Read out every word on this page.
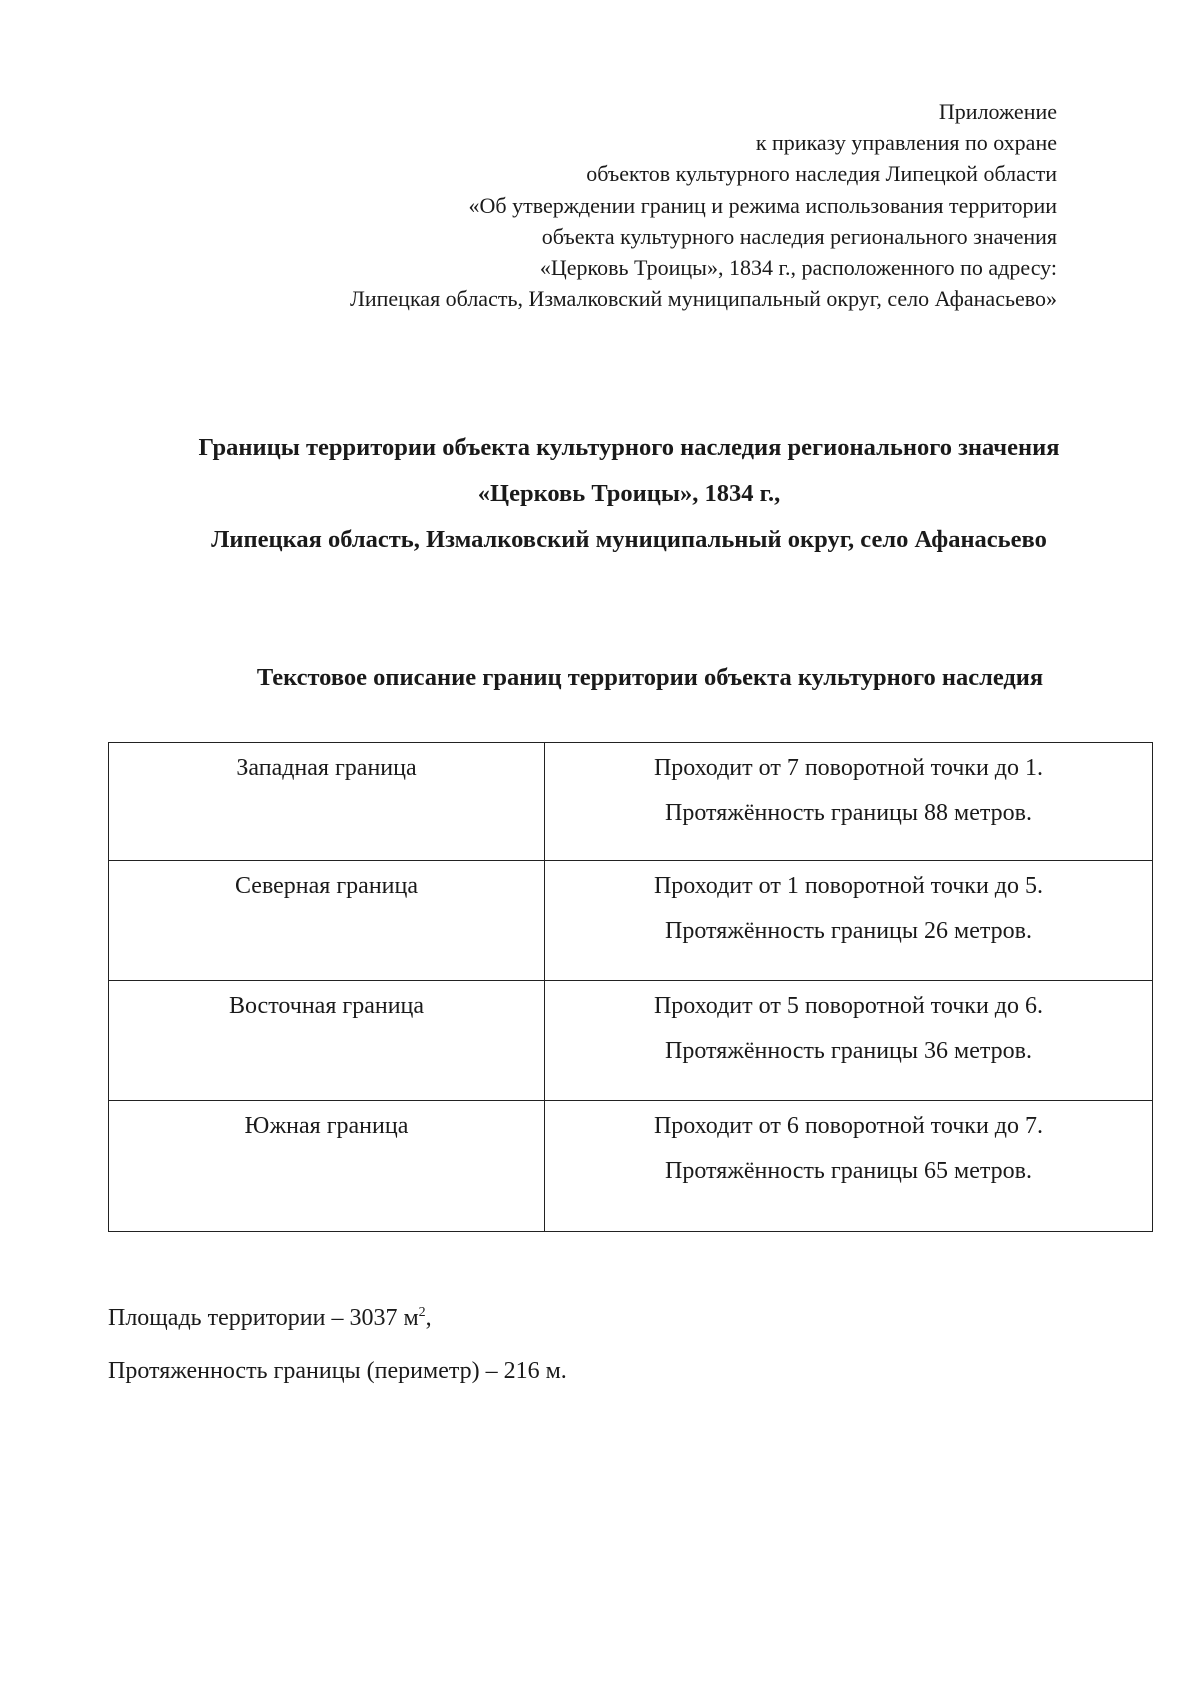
Приложение
к приказу управления по охране
объектов культурного наследия Липецкой области
«Об утверждении границ и режима использования территории
объекта культурного наследия регионального значения
«Церковь Троицы», 1834 г., расположенного по адресу:
Липецкая область, Измалковский муниципальный округ, село Афанасьево»
Границы территории объекта культурного наследия регионального значения
«Церковь Троицы», 1834 г.,
Липецкая область, Измалковский муниципальный округ, село Афанасьево
Текстовое описание границ территории объекта культурного наследия
Западная граница	Проходит от 7 поворотной точки до 1.
Протяжённость границы 88 метров.

Северная граница	Проходит от 1 поворотной точки до 5.
Протяжённость границы 26 метров.

Восточная граница	Проходит от 5 поворотной точки до 6.
Протяжённость границы 36 метров.

Южная граница	Проходит от 6 поворотной точки до 7.
Протяжённость границы 65 метров.
Площадь территории – 3037 $м^2$,
Протяженность границы (периметр) – 216 м.
